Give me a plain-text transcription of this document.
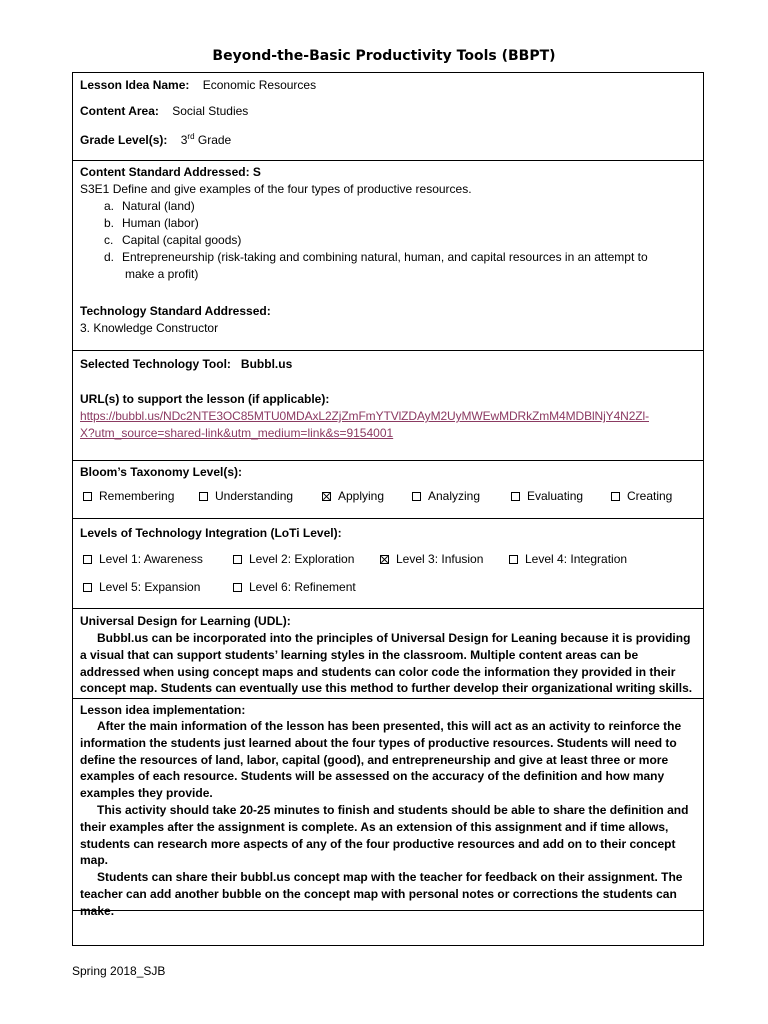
Beyond-the-Basic Productivity Tools (BBPT)
Lesson Idea Name: Economic Resources
Content Area: Social Studies
Grade Level(s): 3rd Grade
Content Standard Addressed: S
S3E1 Define and give examples of the four types of productive resources.
a. Natural (land)
b. Human (labor)
c. Capital (capital goods)
d. Entrepreneurship (risk-taking and combining natural, human, and capital resources in an attempt to
make a profit)
Technology Standard Addressed:
3. Knowledge Constructor
Selected Technology Tool: Bubbl.us
URL(s) to support the lesson (if applicable):
https://bubbl.us/NDc2NTE3OC85MTU0MDAxL2ZjZmFmYTVlZDAyM2UyMWEwMDRkZmM4MDBlNjY4N2Zl-
X?utm_source=shared-link&utm_medium=link&s=9154001
Bloom’s Taxonomy Level(s):
Remembering	Understanding	Applying	Analyzing	Evaluating	Creating
Levels of Technology Integration (LoTi Level):
Level 1: Awareness	Level 2: Exploration	Level 3: Infusion	Level 4: Integration
Level 5: Expansion	Level 6: Refinement
Universal Design for Learning (UDL):

Bubbl.us can be incorporated into the principles of Universal Design for Leaning because it is providing a visual that can support students’ learning styles in the classroom. Multiple content areas can be addressed when using concept maps and students can color code the information they provided in their concept map. Students can eventually use this method to further develop their organizational writing skills.

Lesson idea implementation:

After the main information of the lesson has been presented, this will act as an activity to reinforce the information the students just learned about the four types of productive resources. Students will need to define the resources of land, labor, capital (good), and entrepreneurship and give at least three or more examples of each resource. Students will be assessed on the accuracy of the definition and how many examples they provide.

This activity should take 20-25 minutes to finish and students should be able to share the definition and their examples after the assignment is complete. As an extension of this assignment and if time allows, students can research more aspects of any of the four productive resources and add on to their concept map.

Students can share their bubbl.us concept map with the teacher for feedback on their assignment. The teacher can add another bubble on the concept map with personal notes or corrections the students can make.

Spring 2018_SJB
